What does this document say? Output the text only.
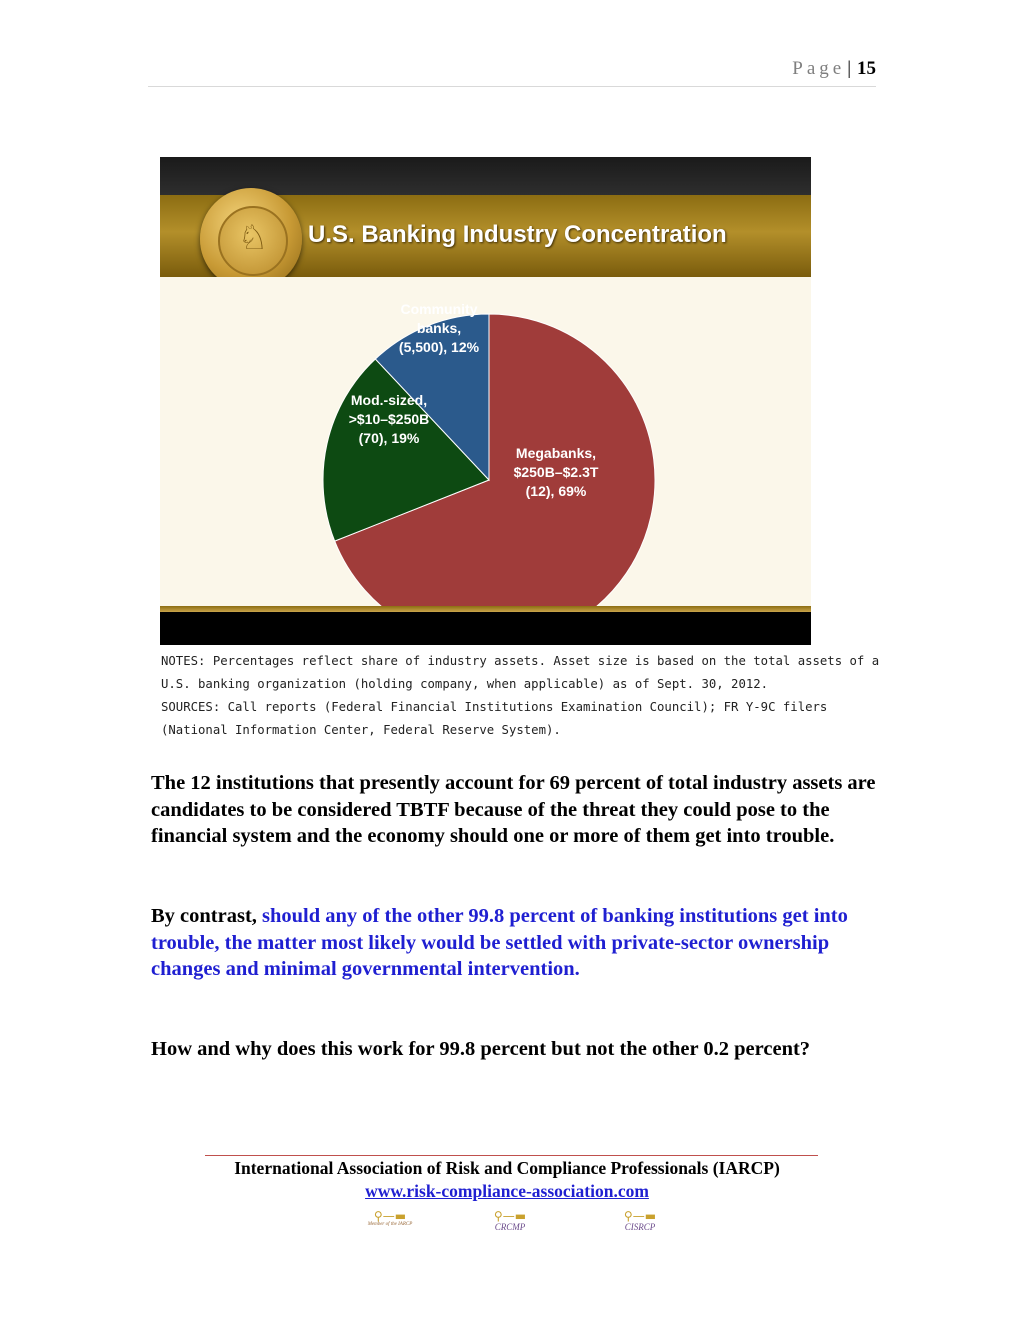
Page | 15
♘	U.S. Banking Industry Concentration
Megabanks, $250B–$2.3T (12), 69%
Mod.-sized, >$10–$250B (70), 19%
Community banks, (5,500), 12%
NOTES: Percentages reflect share of industry assets. Asset size is based on the total assets of a
U.S. banking organization (holding company, when applicable) as of Sept. 30, 2012.
SOURCES: Call reports (Federal Financial Institutions Examination Council); FR Y-9C filers
(National Information Center, Federal Reserve System).
The 12 institutions that presently account for 69 percent of total industry assets are candidates to be considered TBTF because of the threat they could pose to the financial system and the economy should one or more of them get into trouble.
By contrast, should any of the other 99.8 percent of banking institutions get into trouble, the matter most likely would be settled with private-sector ownership changes and minimal governmental intervention.
How and why does this work for 99.8 percent but not the other 0.2 percent?
International Association of Risk and Compliance Professionals (IARCP)
www.risk-compliance-association.com
⚲—▬
Member of the IARCP
⚲—▬
CRCMP
⚲—▬
CISRCP
